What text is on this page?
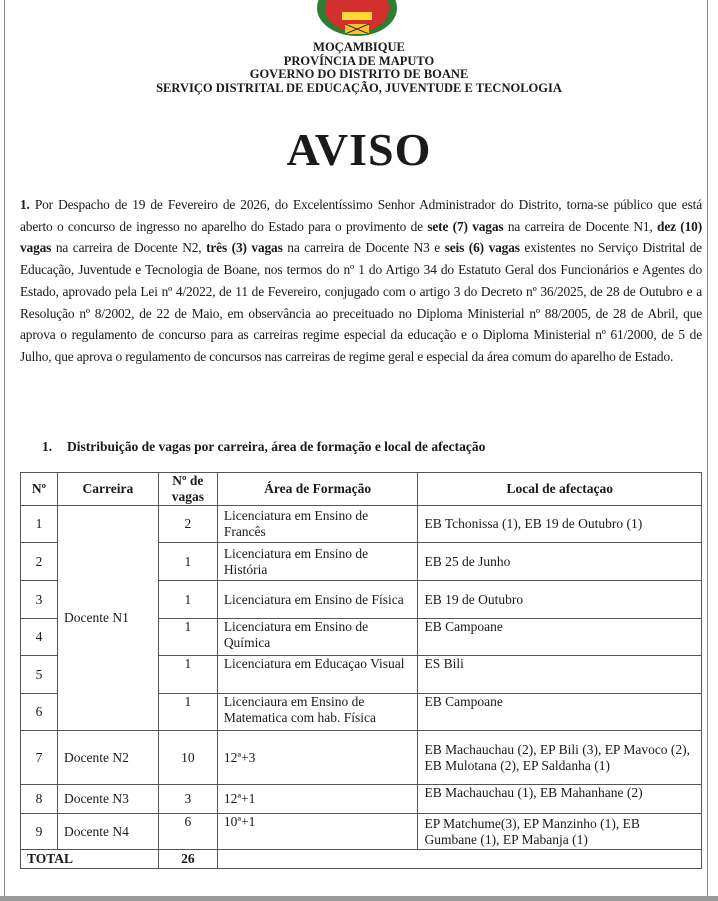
MOÇAMBIQUE
PROVÍNCIA DE MAPUTO
GOVERNO DO DISTRITO DE BOANE
SERVIÇO DISTRITAL DE EDUCAÇÃO, JUVENTUDE E TECNOLOGIA
AVISO
1. Por Despacho de 19 de Fevereiro de 2026, do Excelentíssimo Senhor Administrador do Distrito, torna-se público que está aberto o concurso de ingresso no aparelho do Estado para o provimento de sete (7) vagas na carreira de Docente N1, dez (10) vagas na carreira de Docente N2, três (3) vagas na carreira de Docente N3 e seis (6) vagas existentes no Serviço Distrital de Educação, Juventude e Tecnologia de Boane, nos termos do nº 1 do Artigo 34 do Estatuto Geral dos Funcionários e Agentes do Estado, aprovado pela Lei nº 4/2022, de 11 de Fevereiro, conjugado com o artigo 3 do Decreto nº 36/2025, de 28 de Outubro e a Resolução nº 8/2002, de 22 de Maio, em observância ao preceituado no Diploma Ministerial nº 88/2005, de 28 de Abril, que aprova o regulamento de concurso para as carreiras regime especial da educação e o Diploma Ministerial nº 61/2000, de 5 de Julho, que aprova o regulamento de concursos nas carreiras de regime geral e especial da área comum do aparelho de Estado.
1. Distribuição de vagas por carreira, área de formação e local de afectação
Nº	Carreira	Nº de vagas	Área de Formação	Local de afectaçao
1	Docente N1	2	Licenciatura em Ensino de Francês	EB Tchonissa (1), EB 19 de Outubro (1)
2		1	Licenciatura em Ensino de História	EB 25 de Junho
3		1	Licenciatura em Ensino de Física	EB 19 de Outubro
4		1	Licenciatura em Ensino de Química	EB Campoane
5		1	Licenciatura em Educaçao Visual	ES Bili
6		1	Licenciaura em Ensino de Matematica com hab. Física	EB Campoane
7	Docente N2	10	12ª+3	EB Machauchau (2), EP Bili (3), EP Mavoco (2), EB Mulotana (2), EP Saldanha (1)
8	Docente N3	3	12ª+1	EB Machauchau (1), EB Mahanhane (2)
9	Docente N4	6	10ª+1	EP Matchume(3), EP Manzinho (1), EB Gumbane (1), EP Mabanja (1)
TOTAL		26		
